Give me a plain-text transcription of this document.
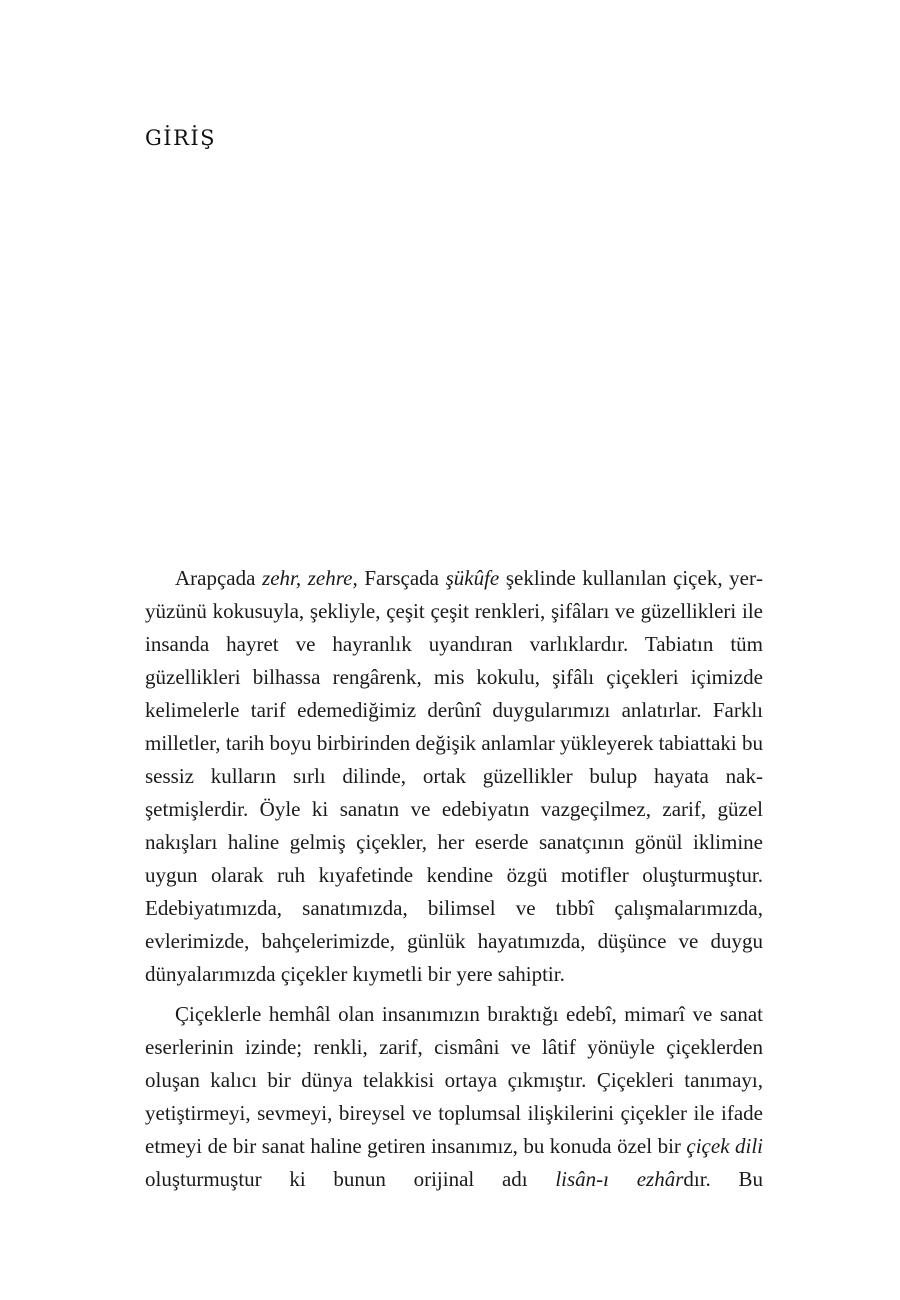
GİRİŞ

Arapçada zehr, zehre, Farsçada şükûfe şeklinde kullanılan çiçek, yeryüzünü kokusuyla, şekliyle, çeşit çeşit renkleri, şifâları ve güzellikleri ile insanda hayret ve hayranlık uyandıran varlıklardır. Tabiatın tüm güzellikleri bilhassa rengârenk, mis kokulu, şifâlı çiçekleri içimizde kelimelerle tarif edemediğimiz derûnî duygularımızı anlatırlar. Farklı milletler, tarih boyu birbirinden değişik anlamlar yükleyerek tabiattaki bu sessiz kulların sırlı dilinde, ortak güzellikler bulup hayata nakşetmişlerdir. Öyle ki sanatın ve edebiyatın vazgeçilmez, zarif, güzel nakışları haline gelmiş çiçekler, her eserde sanatçının gönül iklimine uygun olarak ruh kıyafetinde kendine özgü motifler oluşturmuştur. Edebiyatımızda, sanatımızda, bilimsel ve tıbbî çalışmalarımızda, evlerimizde, bahçelerimizde, günlük hayatımızda, düşünce ve duygu dünyalarımızda çiçekler kıymetli bir yere sahiptir.

Çiçeklerle hemhâl olan insanımızın bıraktığı edebî, mimarî ve sanat eserlerinin izinde; renkli, zarif, cismâni ve lâtif yönüyle çiçeklerden oluşan kalıcı bir dünya telakkisi ortaya çıkmıştır. Çiçekleri tanımayı, yetiştirmeyi, sevmeyi, bireysel ve toplumsal ilişkilerini çiçekler ile ifade etmeyi de bir sanat haline getiren insanımız, bu konuda özel bir çiçek dili oluşturmuştur ki bunun orijinal adı lisân-ı ezhârdır. Bu
